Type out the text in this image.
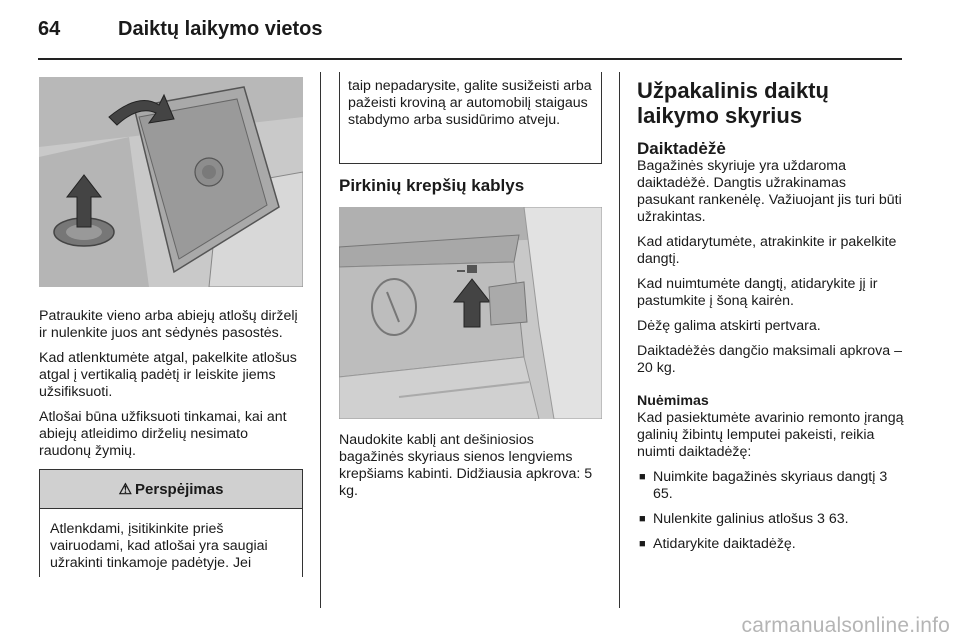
64	Daiktų laikymo vietos

Patraukite vieno arba abiejų atlošų dirželį ir nulenkite juos ant sėdynės pasostės.

Kad atlenktumėte atgal, pakelkite atlošus atgal į vertikalią padėtį ir leiskite jiems užsifiksuoti.

Atlošai būna užfiksuoti tinkamai, kai ant abiejų atleidimo dirželių nesimato raudonų žymių.

⚠ Perspėjimas

Atlenkdami, įsitikinkite prieš vairuodami, kad atlošai yra saugiai užrakinti tinkamoje padėtyje. Jei

taip nepadarysite, galite susižeisti arba pažeisti kroviną ar automobilį staigaus stabdymo arba susidūrimo atveju.

Pirkinių krepšių kablys

Naudokite kablį ant dešiniosios bagažinės skyriaus sienos lengviems krepšiams kabinti. Didžiausia apkrova: 5 kg.

Užpakalinis daiktų laikymo skyrius
Daiktadėžė

Bagažinės skyriuje yra uždaroma daiktadėžė. Dangtis užrakinamas pasukant rankenėlę. Važiuojant jis turi būti užrakintas.

Kad atidarytumėte, atrakinkite ir pakelkite dangtį.

Kad nuimtumėte dangtį, atidarykite jį ir pastumkite į šoną kairėn.

Dėžę galima atskirti pertvara.

Daiktadėžės dangčio maksimali apkrova – 20 kg.

Nuėmimas

Kad pasiektumėte avarinio remonto įrangą galinių žibintų lemputei pakeisti, reikia nuimti daiktadėžę:

■ Nuimkite bagažinės skyriaus dangtį 3 65.
■ Nulenkite galinius atlošus 3 63.
■ Atidarykite daiktadėžę.
carmanualsonline.info
